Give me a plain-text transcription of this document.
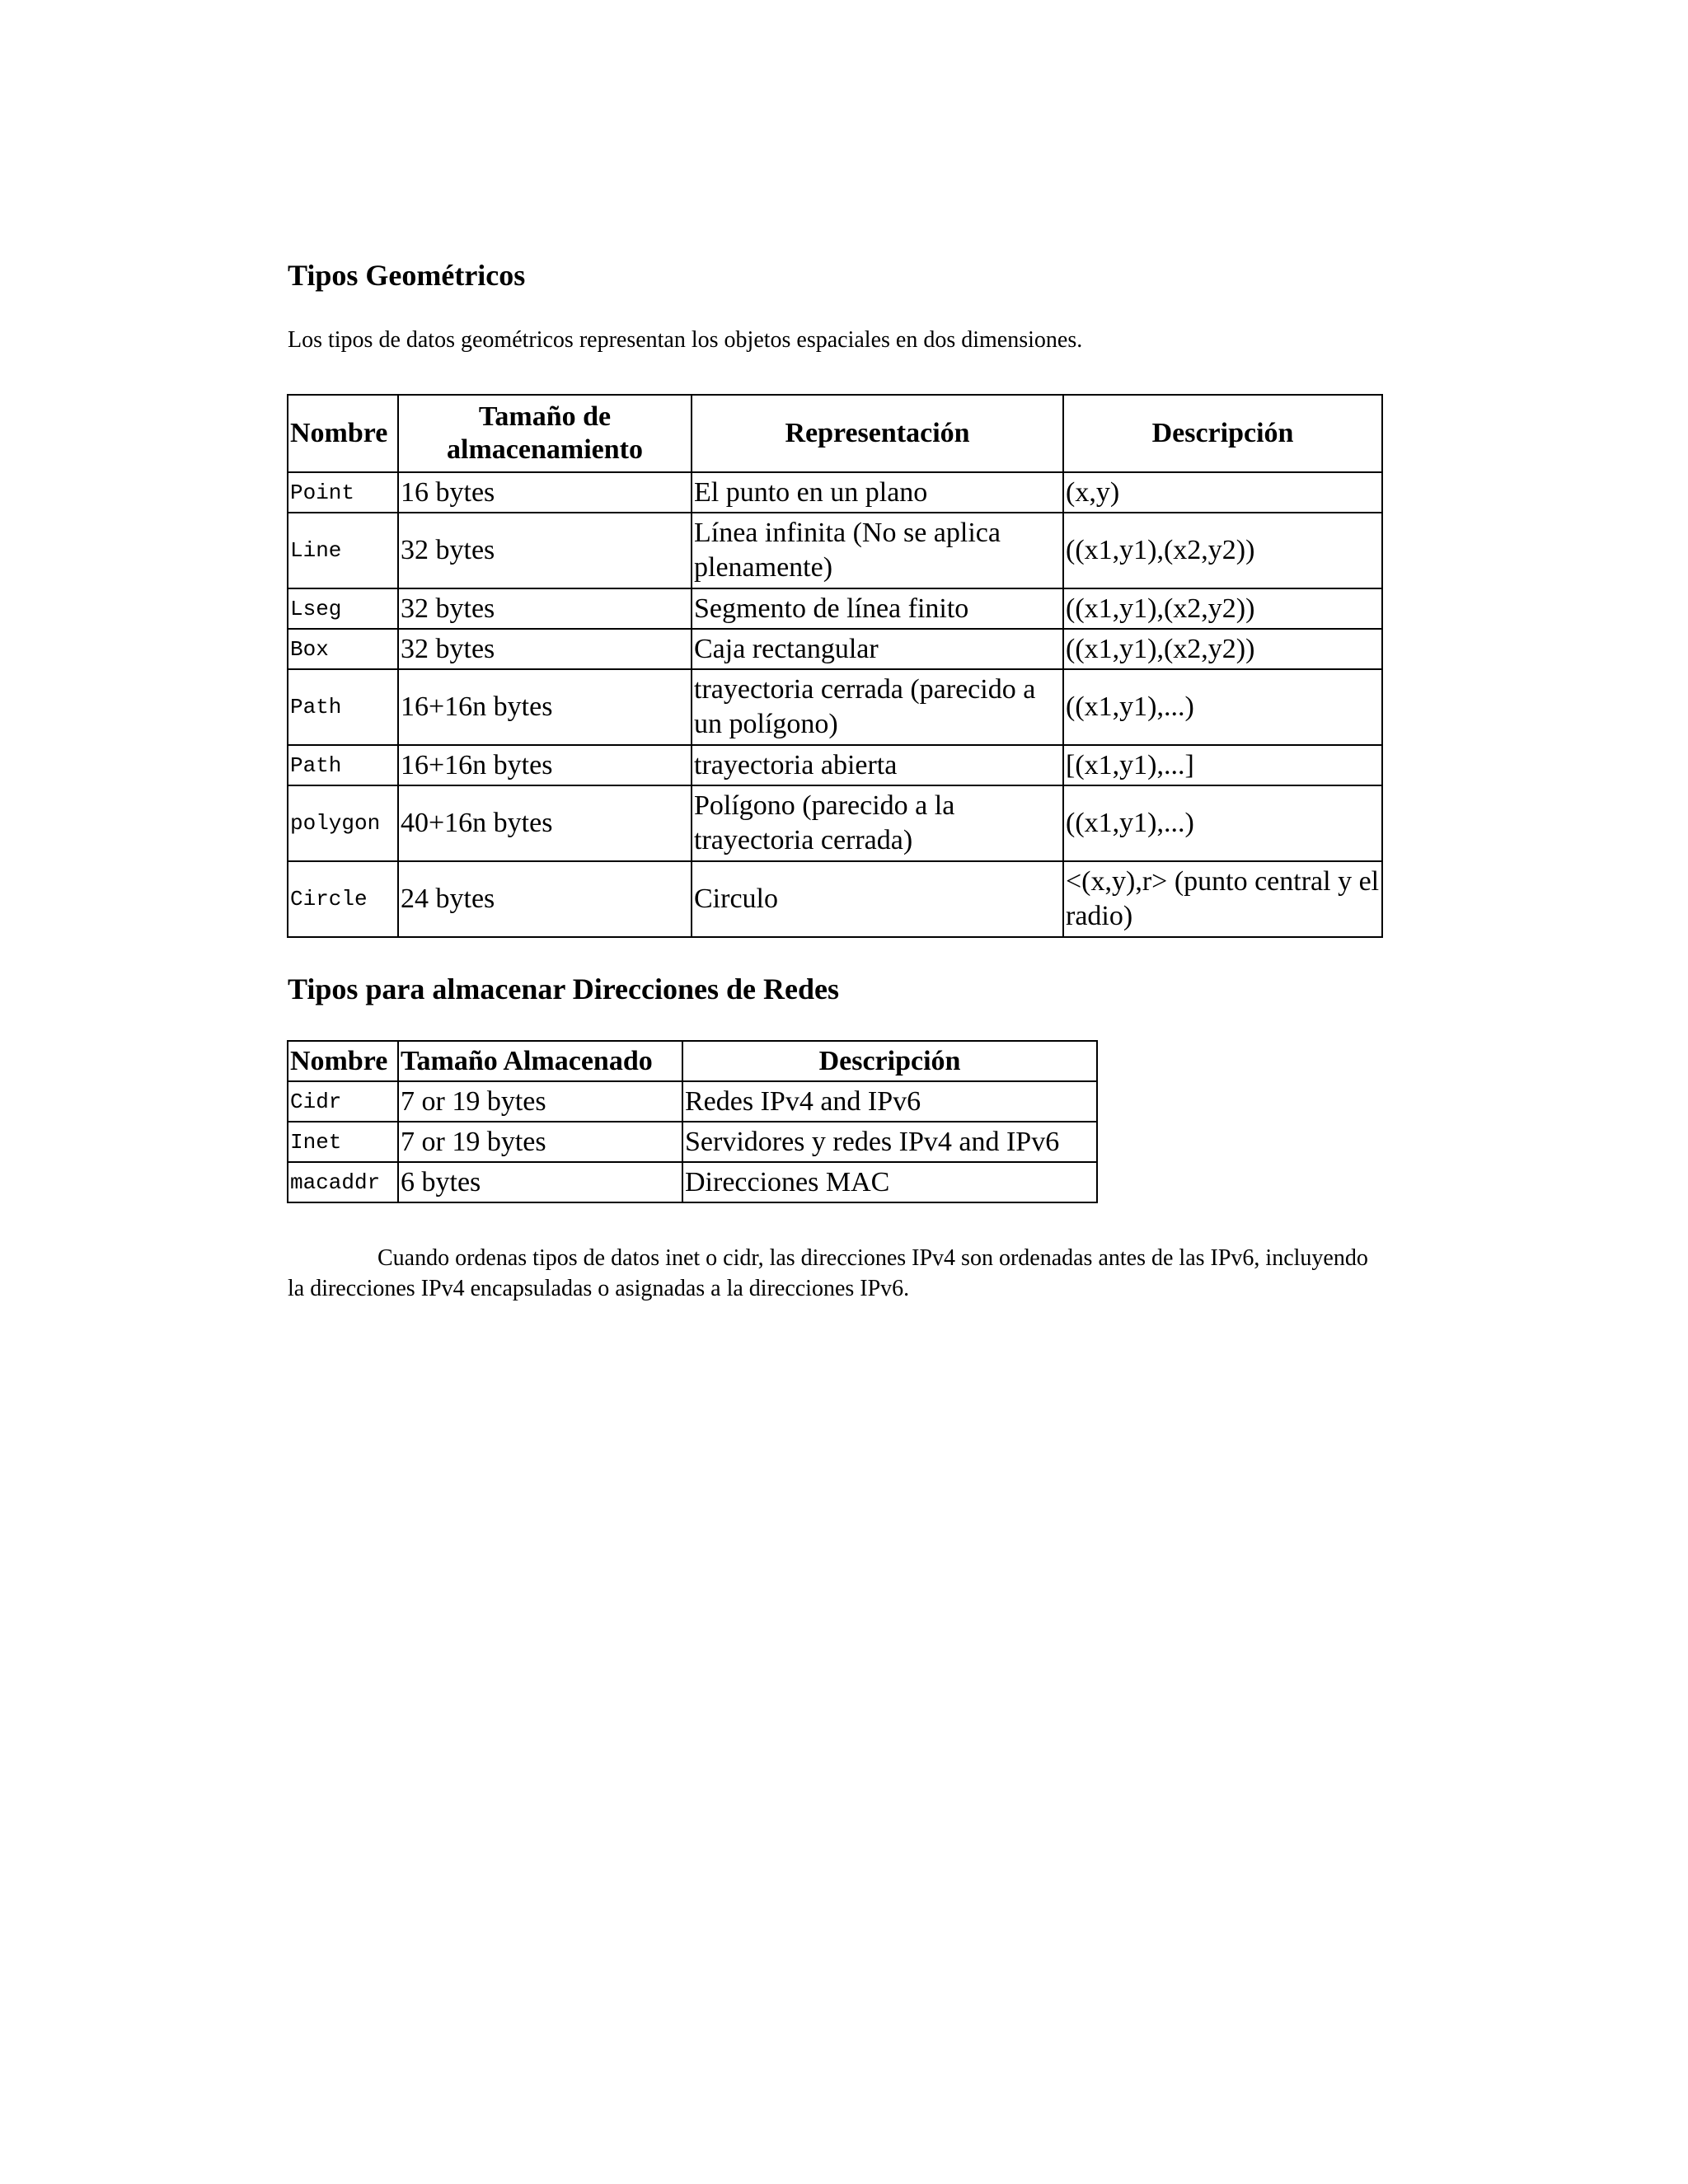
Tipos Geométricos

Los tipos de datos geométricos representan los objetos espaciales en dos dimensiones.

Nombre	Tamaño de almacenamiento	Representación	Descripción
Point	16 bytes	El punto en un plano	(x,y)
Line	32 bytes	Línea infinita (No se aplica plenamente)	((x1,y1),(x2,y2))
Lseg	32 bytes	Segmento de línea finito	((x1,y1),(x2,y2))
Box	32 bytes	Caja rectangular	((x1,y1),(x2,y2))
Path	16+16n bytes	trayectoria cerrada (parecido a un polígono)	((x1,y1),...)
Path	16+16n bytes	trayectoria abierta	[(x1,y1),...]
polygon	40+16n bytes	Polígono (parecido a la trayectoria cerrada)	((x1,y1),...)
Circle	24 bytes	Circulo	<(x,y),r> (punto central y el radio)
Tipos para almacenar Direcciones de Redes
Nombre	Tamaño Almacenado	Descripción
Cidr	7 or 19 bytes	Redes IPv4 and IPv6
Inet	7 or 19 bytes	Servidores y redes IPv4 and IPv6
macaddr	6 bytes	Direcciones MAC

Cuando ordenas tipos de datos inet o cidr, las direcciones IPv4 son ordenadas antes de las IPv6, incluyendo la direcciones IPv4 encapsuladas o asignadas a la direcciones IPv6.
